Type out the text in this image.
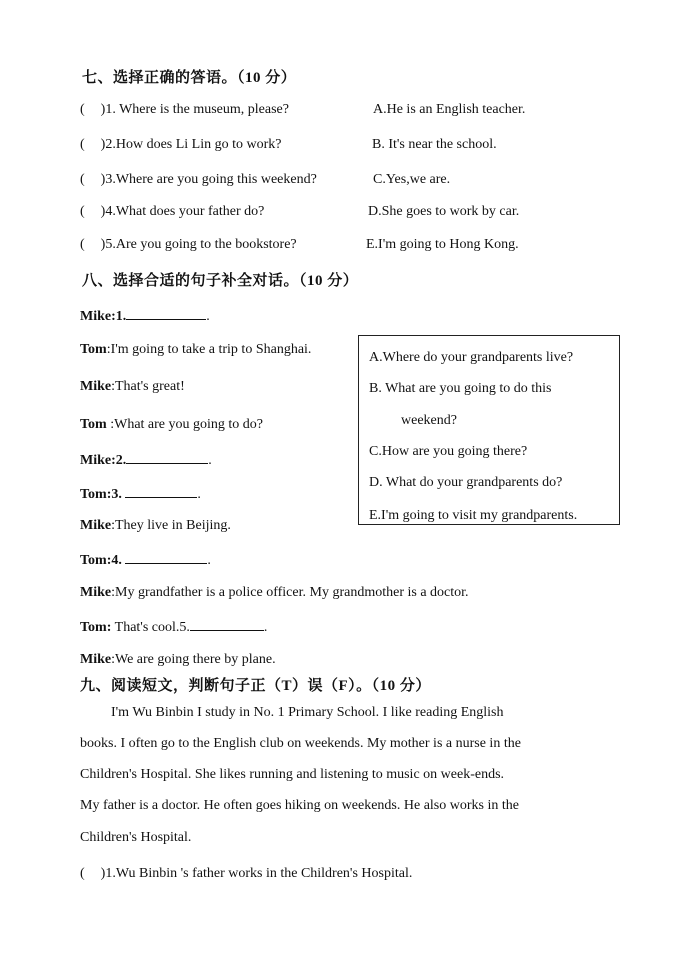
七、选择正确的答语。（10 分）
( )1. Where is the museum, please?	A.He is an English teacher.
( )2.How does Li Lin go to work?	B. It's near the school.
( )3.Where are you going this weekend?	C.Yes,we are.
( )4.What does your father do?	D.She goes to work by car.
( )5.Are you going to the bookstore?	E.I'm going to Hong Kong.
八、选择合适的句子补全对话。（10 分）
Mike:1.	.
Tom:I'm going to take a trip to Shanghai.
Mike:That's great!
Tom :What are you going to do?
Mike:2.	.
Tom:3.	.
Mike:They live in Beijing.
Tom:4.	.
Mike:My grandfather is a police officer. My grandmother is a doctor.
Tom: That's cool.5.	.
Mike:We are going there by plane.
A.Where do your grandparents live?
B. What are you going to do this
weekend?
C.How are you going there?
D. What do your grandparents do?
E.I'm going to visit my grandparents.
九、阅读短文，判断句子正（T）误（F）。（10 分）
I'm Wu Binbin I study in No. 1 Primary School. I like reading English
books. I often go to the English club on weekends. My mother is a nurse in the
Children's Hospital. She likes running and listening to music on week-ends.
My father is a doctor. He often goes hiking on weekends. He also works in the
Children's Hospital.
( )1.Wu Binbin 's father works in the Children's Hospital.
